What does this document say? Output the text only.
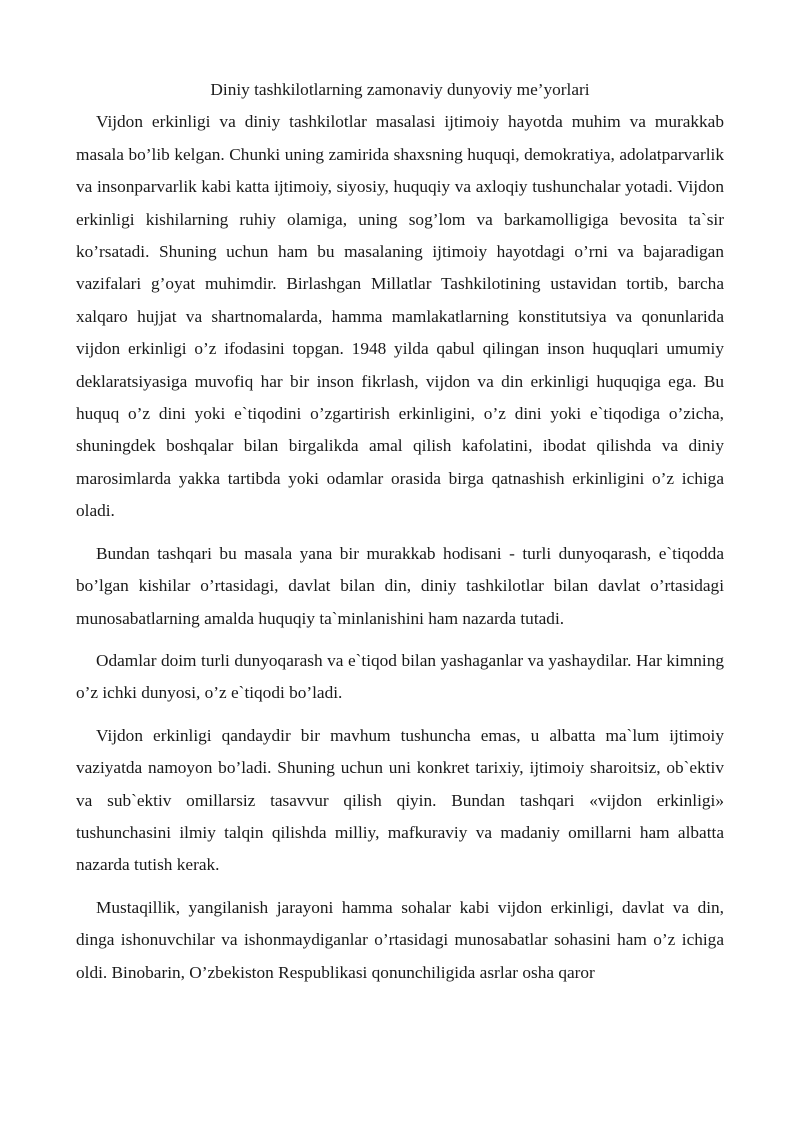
Diniy tashkilotlarning zamonaviy dunyoviy me’yorlari

Vijdon erkinligi va diniy tashkilotlar masalasi ijtimoiy hayotda muhim va murakkab masala bo’lib kelgan. Chunki uning zamirida shaxsning huquqi, demokratiya, adolatparvarlik va insonparvarlik kabi katta ijtimoiy, siyosiy, huquqiy va axloqiy tushunchalar yotadi. Vijdon erkinligi kishilarning ruhiy olamiga, uning sog’lom va barkamolligiga bevosita ta`sir ko’rsatadi. Shuning uchun ham bu masalaning ijtimoiy hayotdagi o’rni va bajaradigan vazifalari g’oyat muhimdir. Birlashgan Millatlar Tashkilotining ustavidan tortib, barcha xalqaro hujjat va shartnomalarda, hamma mamlakatlarning konstitutsiya va qonunlarida vijdon erkinligi o’z ifodasini topgan. 1948 yilda qabul qilingan inson huquqlari umumiy deklaratsiyasiga muvofiq har bir inson fikrlash, vijdon va din erkinligi huquqiga ega. Bu huquq o’z dini yoki e`tiqodini o’zgartirish erkinligini, o’z dini yoki e`tiqodiga o’zicha, shuningdek boshqalar bilan birgalikda amal qilish kafolatini, ibodat qilishda va diniy marosimlarda yakka tartibda yoki odamlar orasida birga qatnashish erkinligini o’z ichiga oladi.

Bundan tashqari bu masala yana bir murakkab hodisani - turli dunyoqarash, e`tiqodda bo’lgan kishilar o’rtasidagi, davlat bilan din, diniy tashkilotlar bilan davlat o’rtasidagi munosabatlarning amalda huquqiy ta`minlanishini ham nazarda tutadi.

Odamlar doim turli dunyoqarash va e`tiqod bilan yashaganlar va yashaydilar. Har kimning o’z ichki dunyosi, o’z e`tiqodi bo’ladi.

Vijdon erkinligi qandaydir bir mavhum tushuncha emas, u albatta ma`lum ijtimoiy vaziyatda namoyon bo’ladi. Shuning uchun uni konkret tarixiy, ijtimoiy sharoitsiz, ob`ektiv va sub`ektiv omillarsiz tasavvur qilish qiyin. Bundan tashqari «vijdon erkinligi» tushunchasini ilmiy talqin qilishda milliy, mafkuraviy va madaniy omillarni ham albatta nazarda tutish kerak.

Mustaqillik, yangilanish jarayoni hamma sohalar kabi vijdon erkinligi, davlat va din, dinga ishonuvchilar va ishonmaydiganlar o’rtasidagi munosabatlar sohasini ham o’z ichiga oldi. Binobarin, O’zbekiston Respublikasi qonunchiligida asrlar osha qaror
